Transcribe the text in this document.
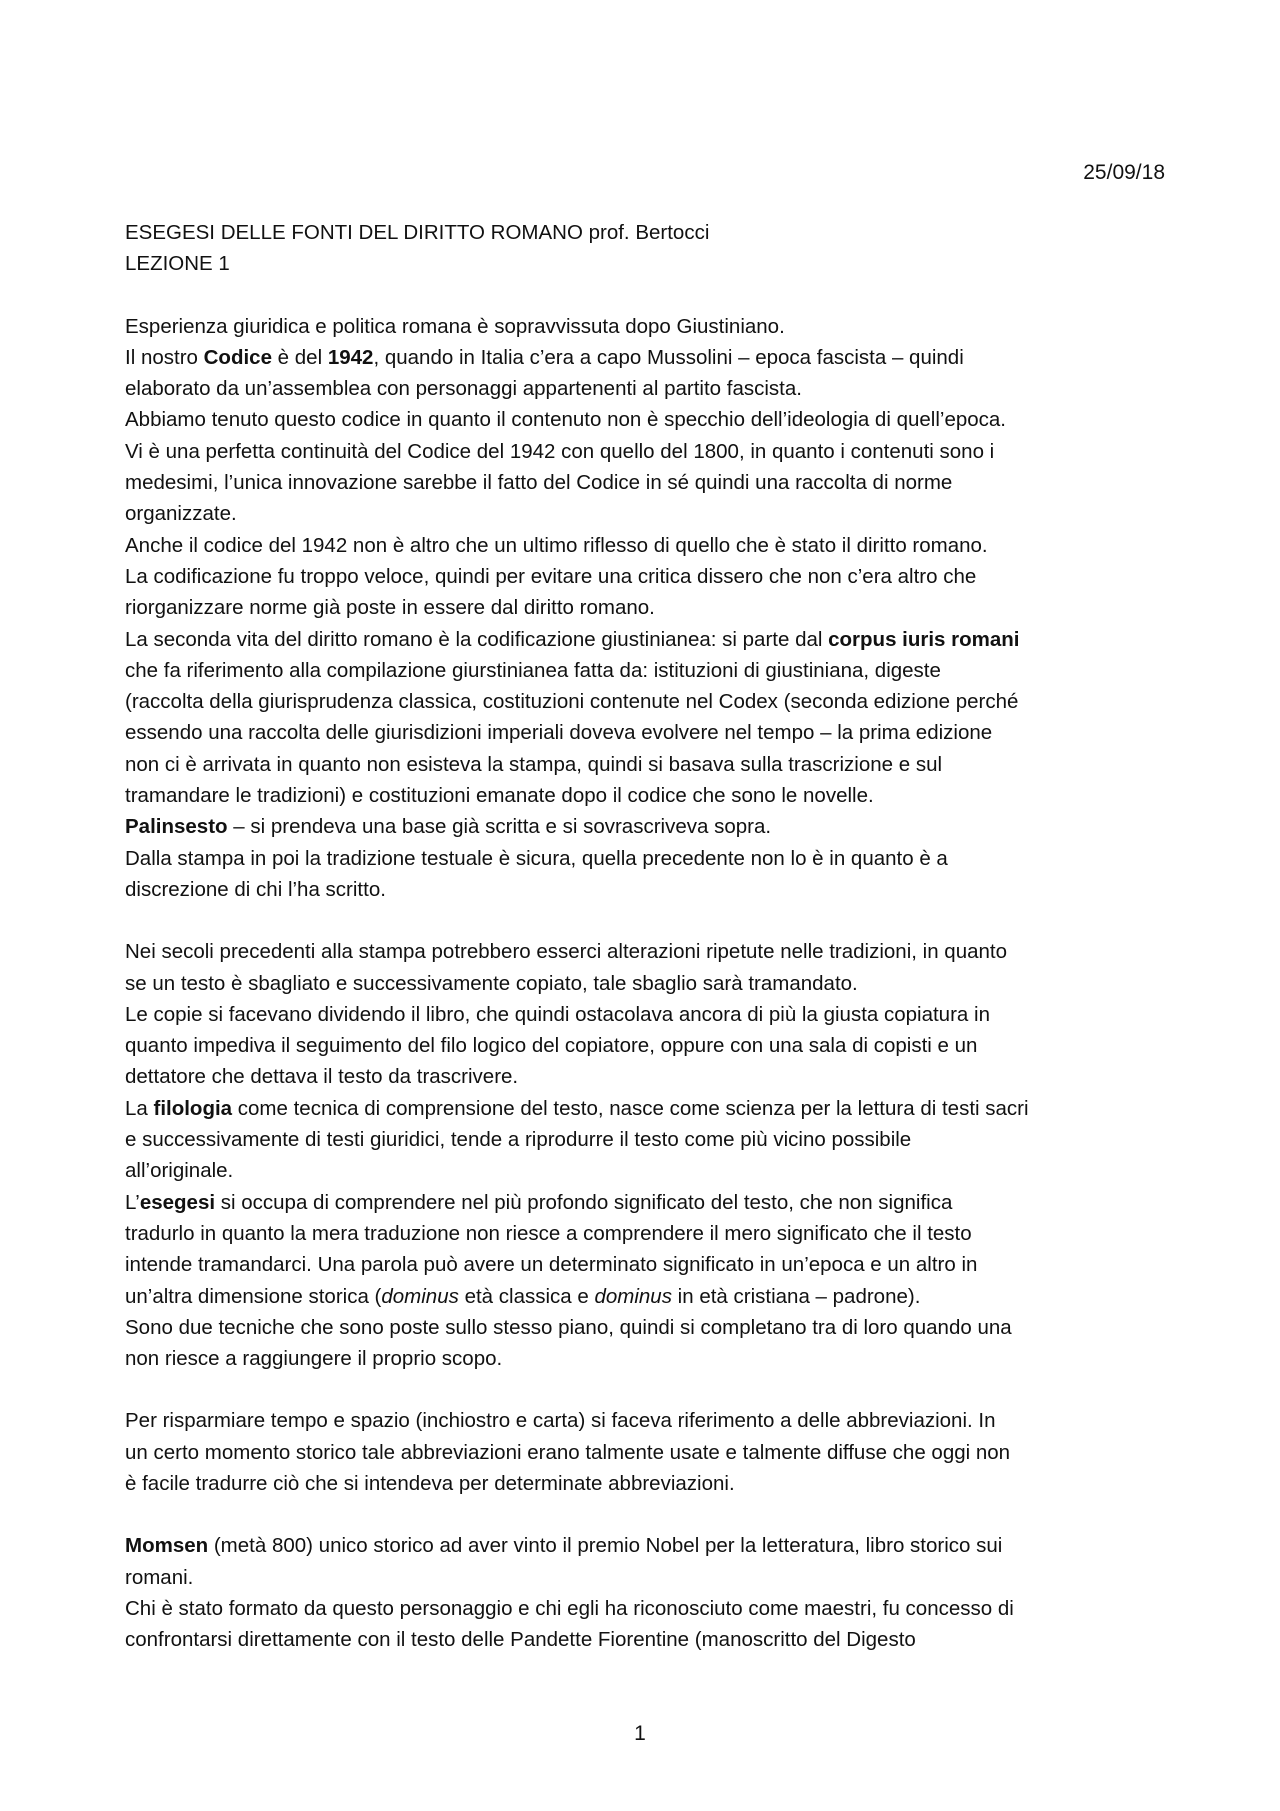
25/09/18
ESEGESI DELLE FONTI DEL DIRITTO ROMANO prof. Bertocci
LEZIONE 1
Esperienza giuridica e politica romana è sopravvissuta dopo Giustiniano.
Il nostro Codice è del 1942, quando in Italia c’era a capo Mussolini – epoca fascista – quindi
elaborato da un’assemblea con personaggi appartenenti al partito fascista.
Abbiamo tenuto questo codice in quanto il contenuto non è specchio dell’ideologia di quell’epoca.
Vi è una perfetta continuità del Codice del 1942 con quello del 1800, in quanto i contenuti sono i
medesimi, l’unica innovazione sarebbe il fatto del Codice in sé quindi una raccolta di norme
organizzate.
Anche il codice del 1942 non è altro che un ultimo riflesso di quello che è stato il diritto romano.
La codificazione fu troppo veloce, quindi per evitare una critica dissero che non c’era altro che
riorganizzare norme già poste in essere dal diritto romano.
La seconda vita del diritto romano è la codificazione giustinianea: si parte dal corpus iuris romani
che fa riferimento alla compilazione giurstinianea fatta da: istituzioni di giustiniana, digeste
(raccolta della giurisprudenza classica, costituzioni contenute nel Codex (seconda edizione perché
essendo una raccolta delle giurisdizioni imperiali doveva evolvere nel tempo – la prima edizione
non ci è arrivata in quanto non esisteva la stampa, quindi si basava sulla trascrizione e sul
tramandare le tradizioni) e costituzioni emanate dopo il codice che sono le novelle.
Palinsesto – si prendeva una base già scritta e si sovrascriveva sopra.
Dalla stampa in poi la tradizione testuale è sicura, quella precedente non lo è in quanto è a
discrezione di chi l’ha scritto.
Nei secoli precedenti alla stampa potrebbero esserci alterazioni ripetute nelle tradizioni, in quanto
se un testo è sbagliato e successivamente copiato, tale sbaglio sarà tramandato.
Le copie si facevano dividendo il libro, che quindi ostacolava ancora di più la giusta copiatura in
quanto impediva il seguimento del filo logico del copiatore, oppure con una sala di copisti e un
dettatore che dettava il testo da trascrivere.
La filologia come tecnica di comprensione del testo, nasce come scienza per la lettura di testi sacri
e successivamente di testi giuridici, tende a riprodurre il testo come più vicino possibile
all’originale.
L’esegesi si occupa di comprendere nel più profondo significato del testo, che non significa
tradurlo in quanto la mera traduzione non riesce a comprendere il mero significato che il testo
intende tramandarci. Una parola può avere un determinato significato in un’epoca e un altro in
un’altra dimensione storica (dominus età classica e dominus in età cristiana – padrone).
Sono due tecniche che sono poste sullo stesso piano, quindi si completano tra di loro quando una
non riesce a raggiungere il proprio scopo.
Per risparmiare tempo e spazio (inchiostro e carta) si faceva riferimento a delle abbreviazioni. In
un certo momento storico tale abbreviazioni erano talmente usate e talmente diffuse che oggi non
è facile tradurre ciò che si intendeva per determinate abbreviazioni.
Momsen (metà 800) unico storico ad aver vinto il premio Nobel per la letteratura, libro storico sui
romani.
Chi è stato formato da questo personaggio e chi egli ha riconosciuto come maestri, fu concesso di
confrontarsi direttamente con il testo delle Pandette Fiorentine (manoscritto del Digesto
1
